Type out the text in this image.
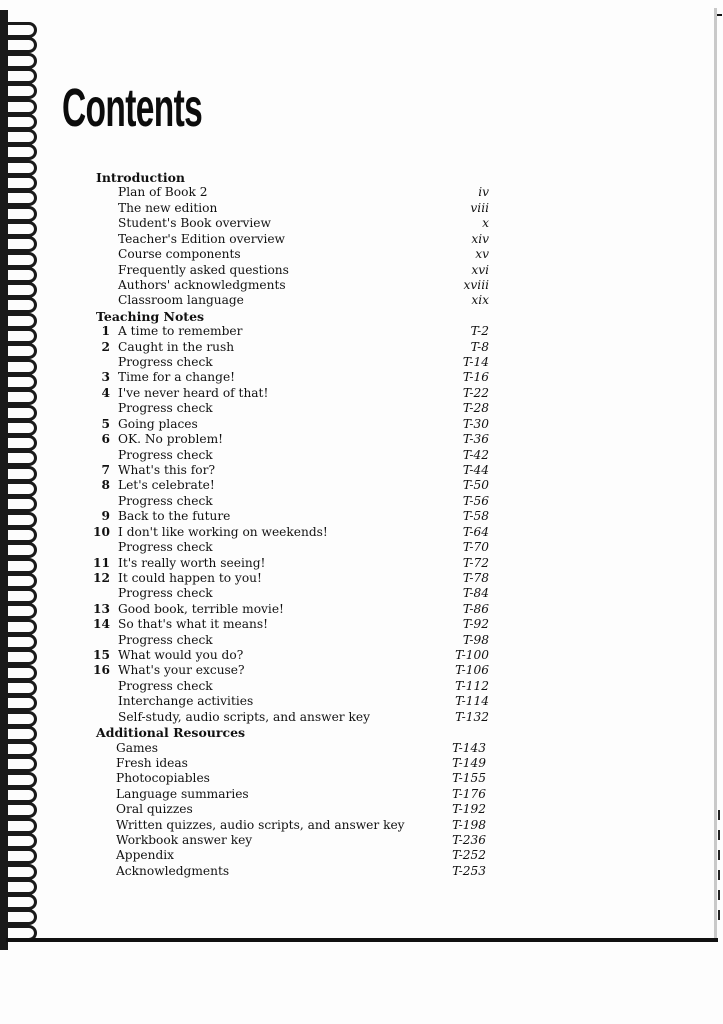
Contents
Introduction
Plan of Book 2	iv
The new edition	viii
Student's Book overview	x
Teacher's Edition overview	xiv
Course components	xv
Frequently asked questions	xvi
Authors' acknowledgments	xviii
Classroom language	xix
Teaching Notes
1 A time to remember	T-2
2 Caught in the rush	T-8
Progress check	T-14
3 Time for a change!	T-16
4 I've never heard of that!	T-22
Progress check	T-28
5 Going places	T-30
6 OK. No problem!	T-36
Progress check	T-42
7 What's this for?	T-44
8 Let's celebrate!	T-50
Progress check	T-56
9 Back to the future	T-58
10 I don't like working on weekends!	T-64
Progress check	T-70
11 It's really worth seeing!	T-72
12 It could happen to you!	T-78
Progress check	T-84
13 Good book, terrible movie!	T-86
14 So that's what it means!	T-92
Progress check	T-98
15 What would you do?	T-100
16 What's your excuse?	T-106
Progress check	T-112
Interchange activities	T-114
Self-study, audio scripts, and answer key	T-132
Additional Resources
Games	T-143
Fresh ideas	T-149
Photocopiables	T-155
Language summaries	T-176
Oral quizzes	T-192
Written quizzes, audio scripts, and answer key	T-198
Workbook answer key	T-236
Appendix	T-252
Acknowledgments	T-253
